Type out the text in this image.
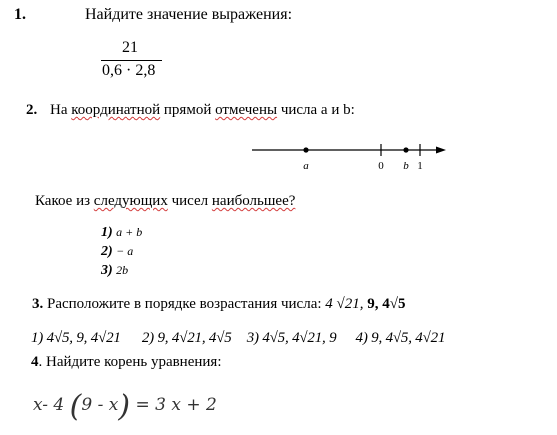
1.	Найдите значение выражения:
21
0,6 · 2,8
2. На координатной прямой отмечены числа a и b:
a	0 b 1
Какое из следующих чисел наибольшее?
1) a + b
2) − a
3) 2b
3. Расположите в порядке возрастания числа: 4 √21, 9, 4√5
1) 4√5, 9, 4√21 2) 9, 4√21, 4√5 3) 4√5, 4√21, 9 4) 9, 4√5, 4√21
4. Найдите корень уравнения:
x- 4 (9 - x) = 3 x + 2
